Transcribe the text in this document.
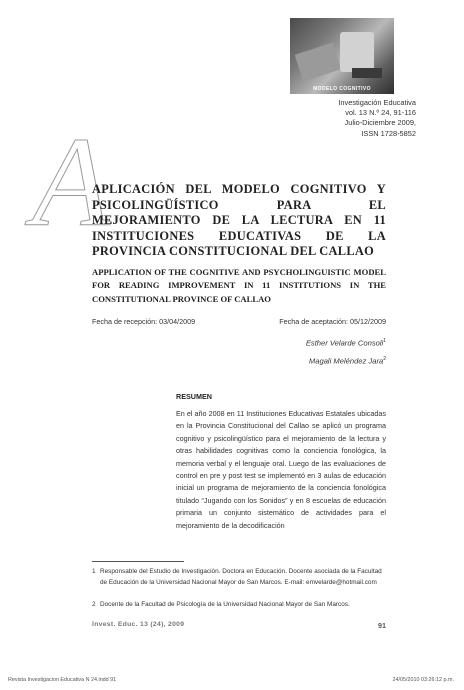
MODELO COGNITIVO
Investigación Educativa
vol. 13 N.º 24, 91-116
Julio-Diciembre 2009,
ISSN 1728-5852
A
APLICACIÓN DEL MODELO COGNITIVO Y PSICOLINGÜÍSTICO PARA EL MEJORAMIENTO DE LA LECTURA EN 11 INSTITUCIONES EDUCATIVAS DE LA PROVINCIA CONSTITUCIONAL DEL CALLAO
APPLICATION OF THE COGNITIVE AND PSYCHOLINGUISTIC MODEL FOR READING IMPROVEMENT IN 11 INSTITUTIONS IN THE CONSTITUTIONAL PROVINCE OF CALLAO
Fecha de recepción: 03/04/2009	Fecha de aceptación: 05/12/2009
Esther Velarde Consoli$^1$
Magali Meléndez Jara$^2$
RESUMEN

En el año 2008 en 11 Instituciones Educativas Estatales ubicadas en la Provincia Constitucional del Callao se aplicó un programa cognitivo y psicolingüístico para el mejoramiento de la lectura y otras habilidades cognitivas como la conciencia fonológica, la memoria verbal y el lenguaje oral. Luego de las evaluaciones de control en pre y post test se implementó en 3 aulas de educación inicial un programa de mejoramiento de la conciencia fonológica titulado “Jugando con los Sonidos” y en 8 escuelas de educación primaria un conjunto sistemático de actividades para el mejoramiento de la decodificación

1 Responsable del Estudio de Investigación. Doctora en Educación. Docente asociada de la Facultad de Educación de la Universidad Nacional Mayor de San Marcos. E-mail: emvelarde@hotmail.com
2 Docente de la Facultad de Psicología de la Universidad Nacional Mayor de San Marcos.
Invest. Educ. 13 (24), 2009	91
Revista Investigacion Educativa N 24.indd 91	24/05/2010 03:26:12 p.m.
